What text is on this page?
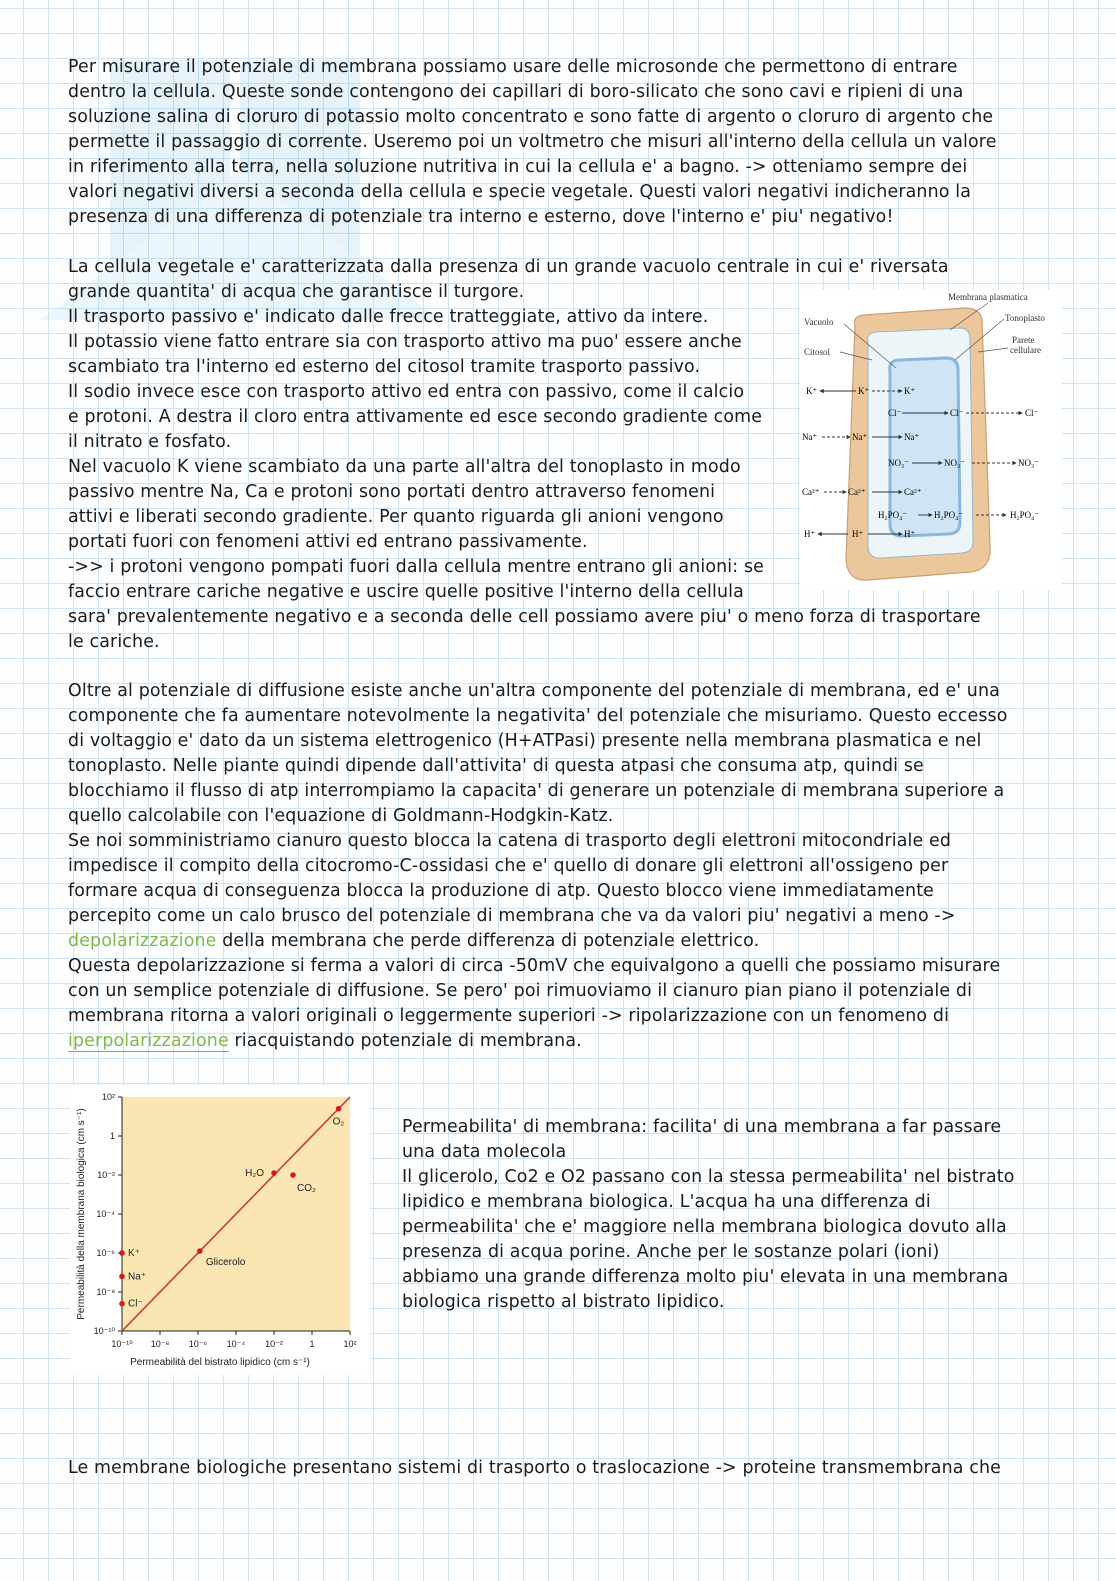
Per misurare il potenziale di membrana possiamo usare delle microsonde che permettono di entrare
dentro la cellula. Queste sonde contengono dei capillari di boro-silicato che sono cavi e ripieni di una
soluzione salina di cloruro di potassio molto concentrato e sono fatte di argento o cloruro di argento che
permette il passaggio di corrente. Useremo poi un voltmetro che misuri all'interno della cellula un valore
in riferimento alla terra, nella soluzione nutritiva in cui la cellula e' a bagno. -> otteniamo sempre dei
valori negativi diversi a seconda della cellula e specie vegetale. Questi valori negativi indicheranno la
presenza di una differenza di potenziale tra interno e esterno, dove l'interno e' piu' negativo!

La cellula vegetale e' caratterizzata dalla presenza di un grande vacuolo centrale in cui e' riversata
grande quantita' di acqua che garantisce il turgore.
Il trasporto passivo e' indicato dalle frecce tratteggiate, attivo da intere.
Il potassio viene fatto entrare sia con trasporto attivo ma puo' essere anche
scambiato tra l'interno ed esterno del citosol tramite trasporto passivo.
Il sodio invece esce con trasporto attivo ed entra con passivo, come il calcio
e protoni. A destra il cloro entra attivamente ed esce secondo gradiente come
il nitrato e fosfato.
Nel vacuolo K viene scambiato da una parte all'altra del tonoplasto in modo
passivo mentre Na, Ca e protoni sono portati dentro attraverso fenomeni
attivi e liberati secondo gradiente. Per quanto riguarda gli anioni vengono
portati fuori con fenomeni attivi ed entrano passivamente.
->> i protoni vengono pompati fuori dalla cellula mentre entrano gli anioni: se
faccio entrare cariche negative e uscire quelle positive l'interno della cellula
sara' prevalentemente negativo e a seconda delle cell possiamo avere piu' o meno forza di trasportare
le cariche.

Oltre al potenziale di diffusione esiste anche un'altra componente del potenziale di membrana, ed e' una
componente che fa aumentare notevolmente la negativita' del potenziale che misuriamo. Questo eccesso
di voltaggio e' dato da un sistema elettrogenico (H+ATPasi) presente nella membrana plasmatica e nel
tonoplasto. Nelle piante quindi dipende dall'attivita' di questa atpasi che consuma atp, quindi se
blocchiamo il flusso di atp interrompiamo la capacita' di generare un potenziale di membrana superiore a
quello calcolabile con l'equazione di Goldmann-Hodgkin-Katz.
Se noi somministriamo cianuro questo blocca la catena di trasporto degli elettroni mitocondriale ed
impedisce il compito della citocromo-C-ossidasi che e' quello di donare gli elettroni all'ossigeno per
formare acqua di conseguenza blocca la produzione di atp. Questo blocco viene immediatamente
percepito come un calo brusco del potenziale di membrana che va da valori piu' negativi a meno ->
depolarizzazione della membrana che perde differenza di potenziale elettrico.
Questa depolarizzazione si ferma a valori di circa -50mV che equivalgono a quelli che possiamo misurare
con un semplice potenziale di diffusione. Se pero' poi rimuoviamo il cianuro pian piano il potenziale di
membrana ritorna a valori originali o leggermente superiori -> ripolarizzazione con un fenomeno di
iperpolarizzazione riacquistando potenziale di membrana.

Permeabilita' di membrana: facilita' di una membrana a far passare
una data molecola
Il glicerolo, Co2 e O2 passano con la stessa permeabilita' nel bistrato
lipidico e membrana biologica. L'acqua ha una differenza di
permeabilita' che e' maggiore nella membrana biologica dovuto alla
presenza di acqua porine. Anche per le sostanze polari (ioni)
abbiamo una grande differenza molto piu' elevata in una membrana
biologica rispetto al bistrato lipidico.

Le membrane biologiche presentano sistemi di trasporto o traslocazione -> proteine transmembrana che

Membrana plasmatica
Vacuolo	Tonoplasto
Citosol
Parete
cellulare
K⁺	K⁺	K⁺
Na⁺	Na⁺	Na⁺
Ca²⁺	Ca²⁺	Ca²⁺
H⁺	H⁺	H⁺
Cl⁻	Cl⁻	Cl⁻
NO₃⁻	NO₃⁻	NO₃⁻
H₂PO₄⁻	H₂PO₄⁻	H₂PO₄⁻
10⁻¹⁰ 10⁻⁸ 10⁻⁶ 10⁻⁴ 10⁻²	1	10²
10²
1
10⁻²
10⁻⁴
10⁻⁶
10⁻⁸
10⁻¹⁰
O₂
CO₂
H₂O
Glicerolo
K⁺
Na⁺
Cl⁻
Permeabilità del bistrato lipidico (cm s⁻¹)
Permeabilità della membrana biologica (cm s⁻¹)
